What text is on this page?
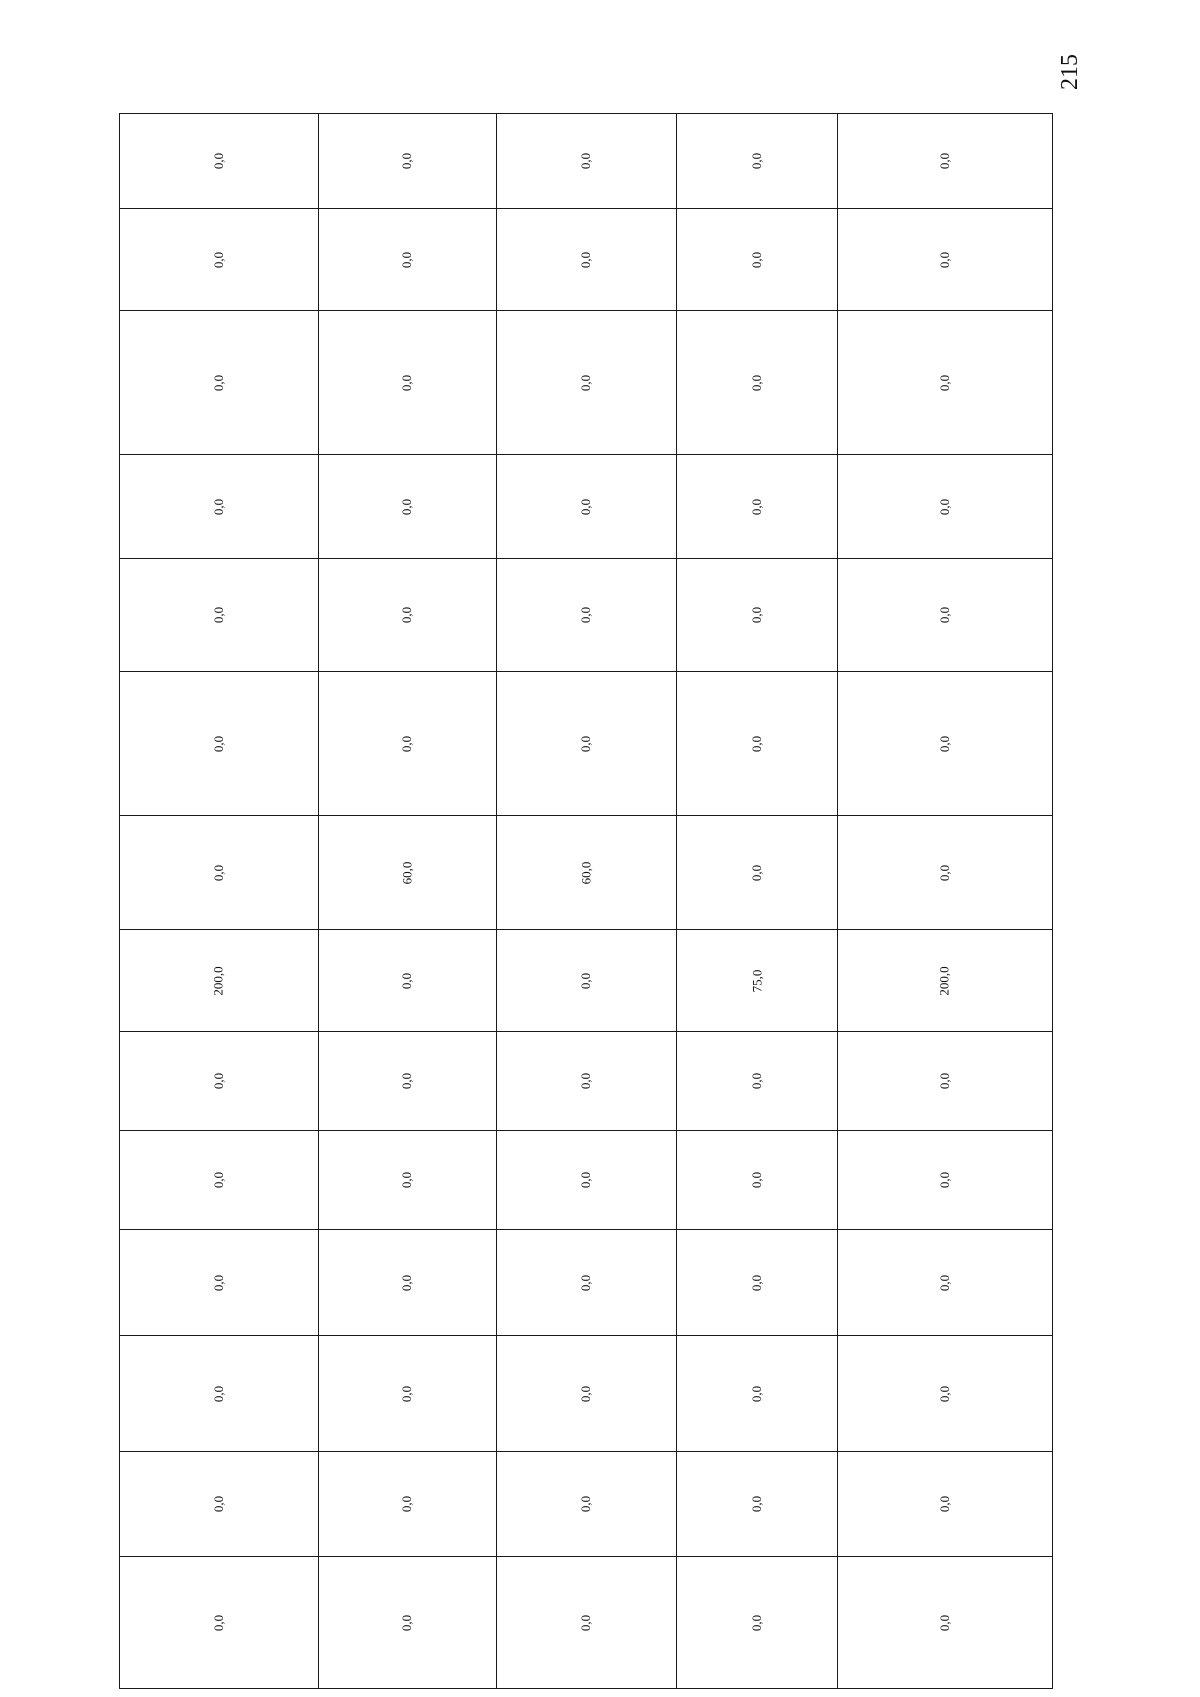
215
0,0	0,0	0,0	0,0	0,0
0,0	0,0	0,0	0,0	0,0
0,0	0,0	0,0	0,0	0,0
0,0	0,0	0,0	0,0	0,0
0,0	0,0	0,0	0,0	0,0
0,0	0,0	0,0	0,0	0,0
0,0	60,0	60,0	0,0	0,0
200,0	0,0	0,0	75,0	200,0
0,0	0,0	0,0	0,0	0,0
0,0	0,0	0,0	0,0	0,0
0,0	0,0	0,0	0,0	0,0
0,0	0,0	0,0	0,0	0,0
0,0	0,0	0,0	0,0	0,0
0,0	0,0	0,0	0,0	0,0
